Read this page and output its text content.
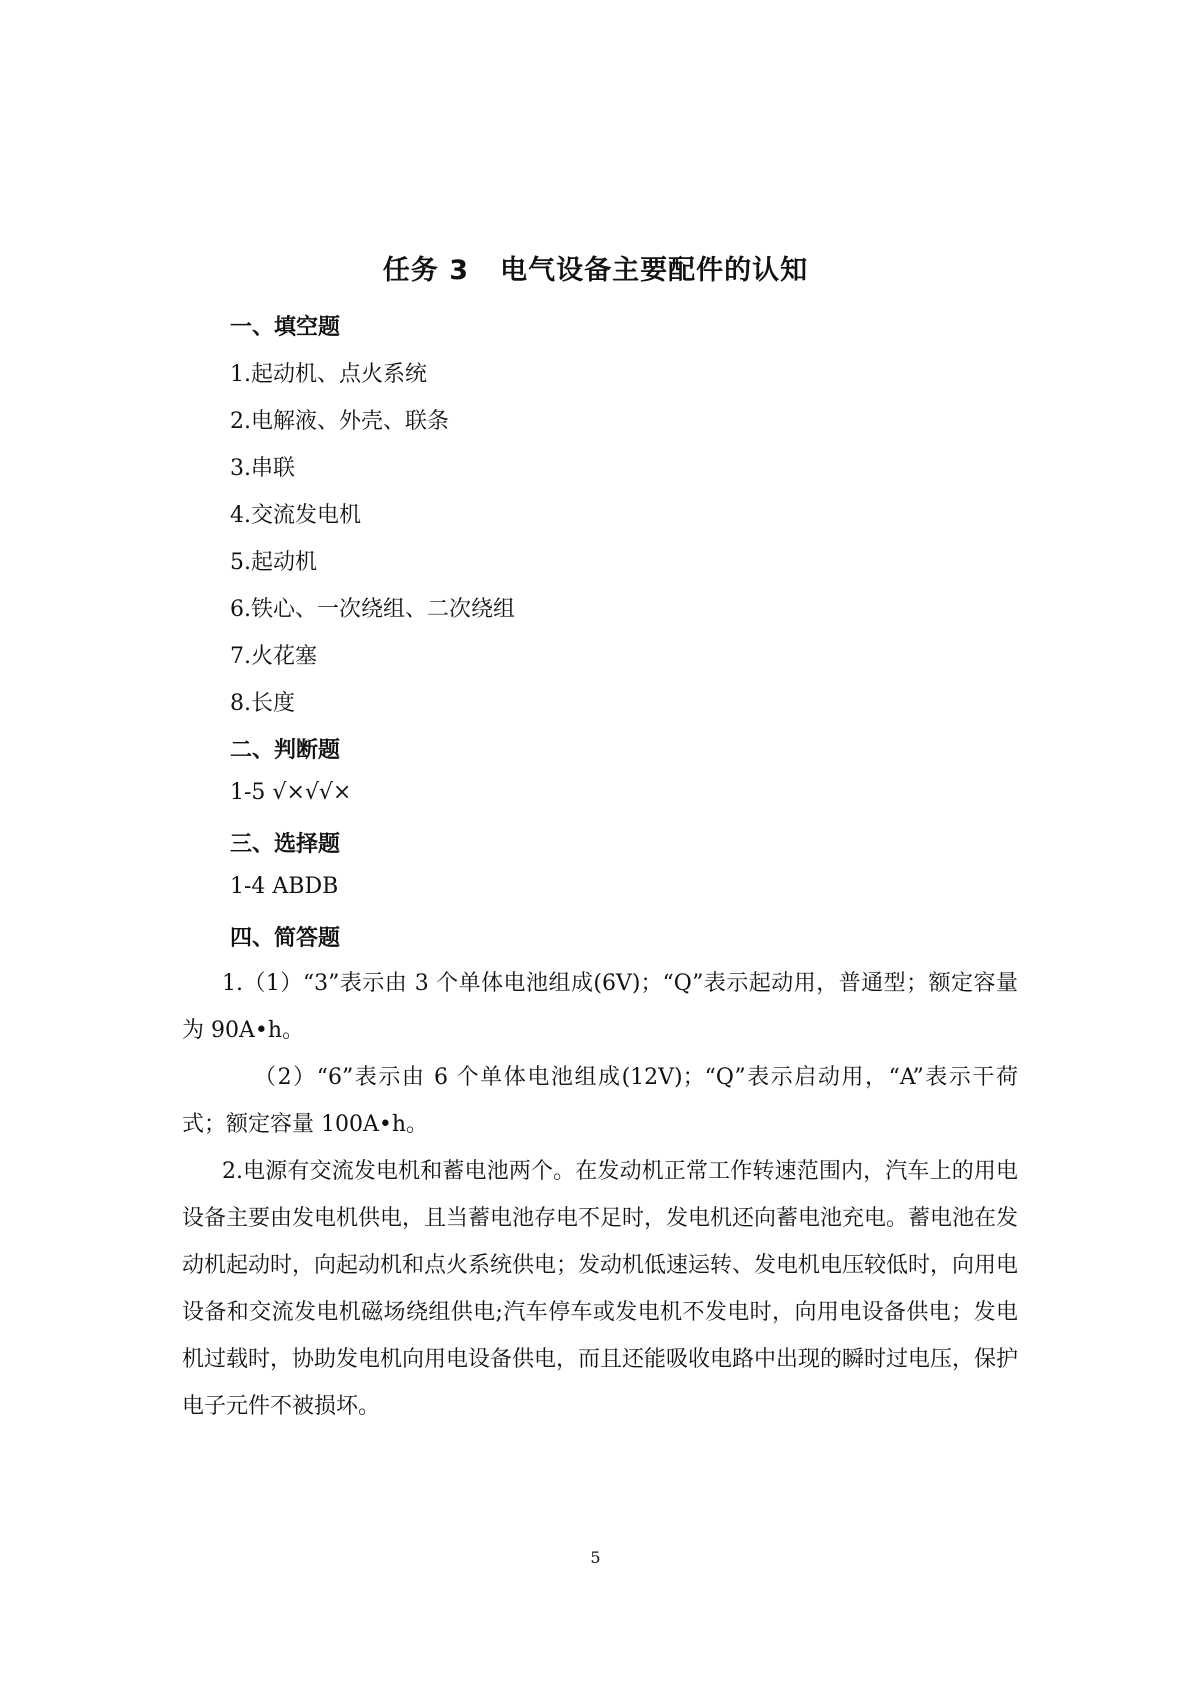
任务 3   电气设备主要配件的认知
一、填空题
1.起动机、点火系统
2.电解液、外壳、联条
3.串联
4.交流发电机
5.起动机
6.铁心、一次绕组、二次绕组
7.火花塞
8.长度
二、判断题
1-5 √×√√×
三、选择题
1-4 ABDB
四、简答题
1.（1）“3”表示由 3 个单体电池组成(6V)；“Q”表示起动用，普通型；额定容量为 90A•h。
（2）“6”表示由 6 个单体电池组成(12V)；“Q”表示启动用，“A”表示干荷式；额定容量 100A•h。
2.电源有交流发电机和蓄电池两个。在发动机正常工作转速范围内，汽车上的用电设备主要由发电机供电，且当蓄电池存电不足时，发电机还向蓄电池充电。蓄电池在发动机起动时，向起动机和点火系统供电；发动机低速运转、发电机电压较低时，向用电设备和交流发电机磁场绕组供电;汽车停车或发电机不发电时，向用电设备供电；发电机过载时，协助发电机向用电设备供电，而且还能吸收电路中出现的瞬时过电压，保护电子元件不被损坏。
5
